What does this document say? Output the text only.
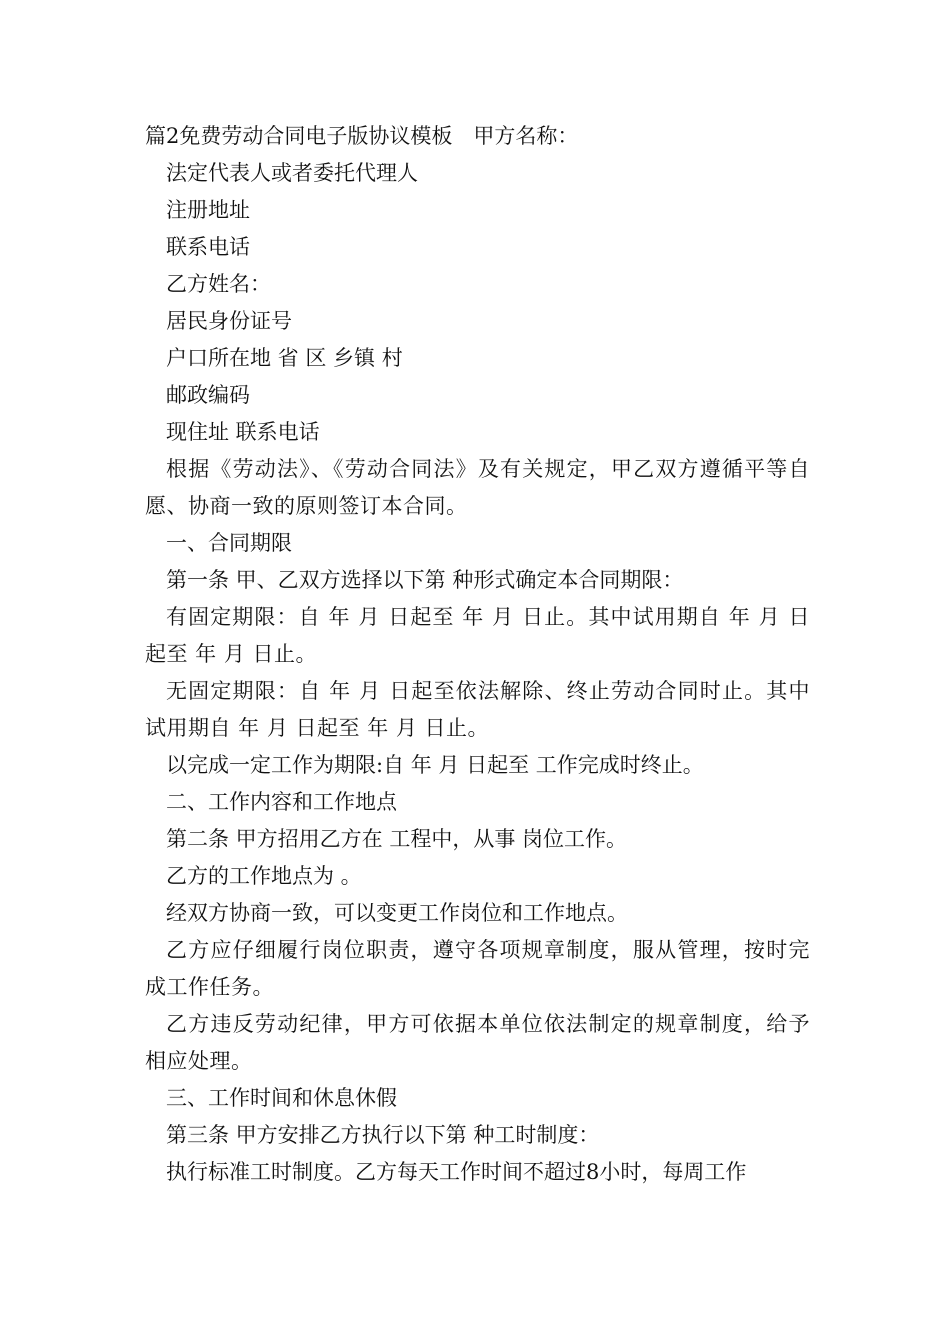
篇2免费劳动合同电子版协议模板　甲方名称：
法定代表人或者委托代理人
注册地址
联系电话
乙方姓名：
居民身份证号
户口所在地 省 区 乡镇 村
邮政编码
现住址 联系电话
根据《劳动法》、《劳动合同法》及有关规定，甲乙双方遵循平等自愿、协商一致的原则签订本合同。
一、合同期限
第一条 甲、乙双方选择以下第 种形式确定本合同期限：
有固定期限：自 年 月 日起至 年 月 日止。其中试用期自 年 月 日起至 年 月 日止。
无固定期限：自 年 月 日起至依法解除、终止劳动合同时止。其中试用期自 年 月 日起至 年 月 日止。
以完成一定工作为期限:自 年 月 日起至 工作完成时终止。
二、工作内容和工作地点
第二条 甲方招用乙方在 工程中，从事 岗位工作。
乙方的工作地点为 。
经双方协商一致，可以变更工作岗位和工作地点。
乙方应仔细履行岗位职责，遵守各项规章制度，服从管理，按时完成工作任务。
乙方违反劳动纪律，甲方可依据本单位依法制定的规章制度，给予相应处理。
三、工作时间和休息休假
第三条 甲方安排乙方执行以下第 种工时制度：
执行标准工时制度。乙方每天工作时间不超过8小时，每周工作
